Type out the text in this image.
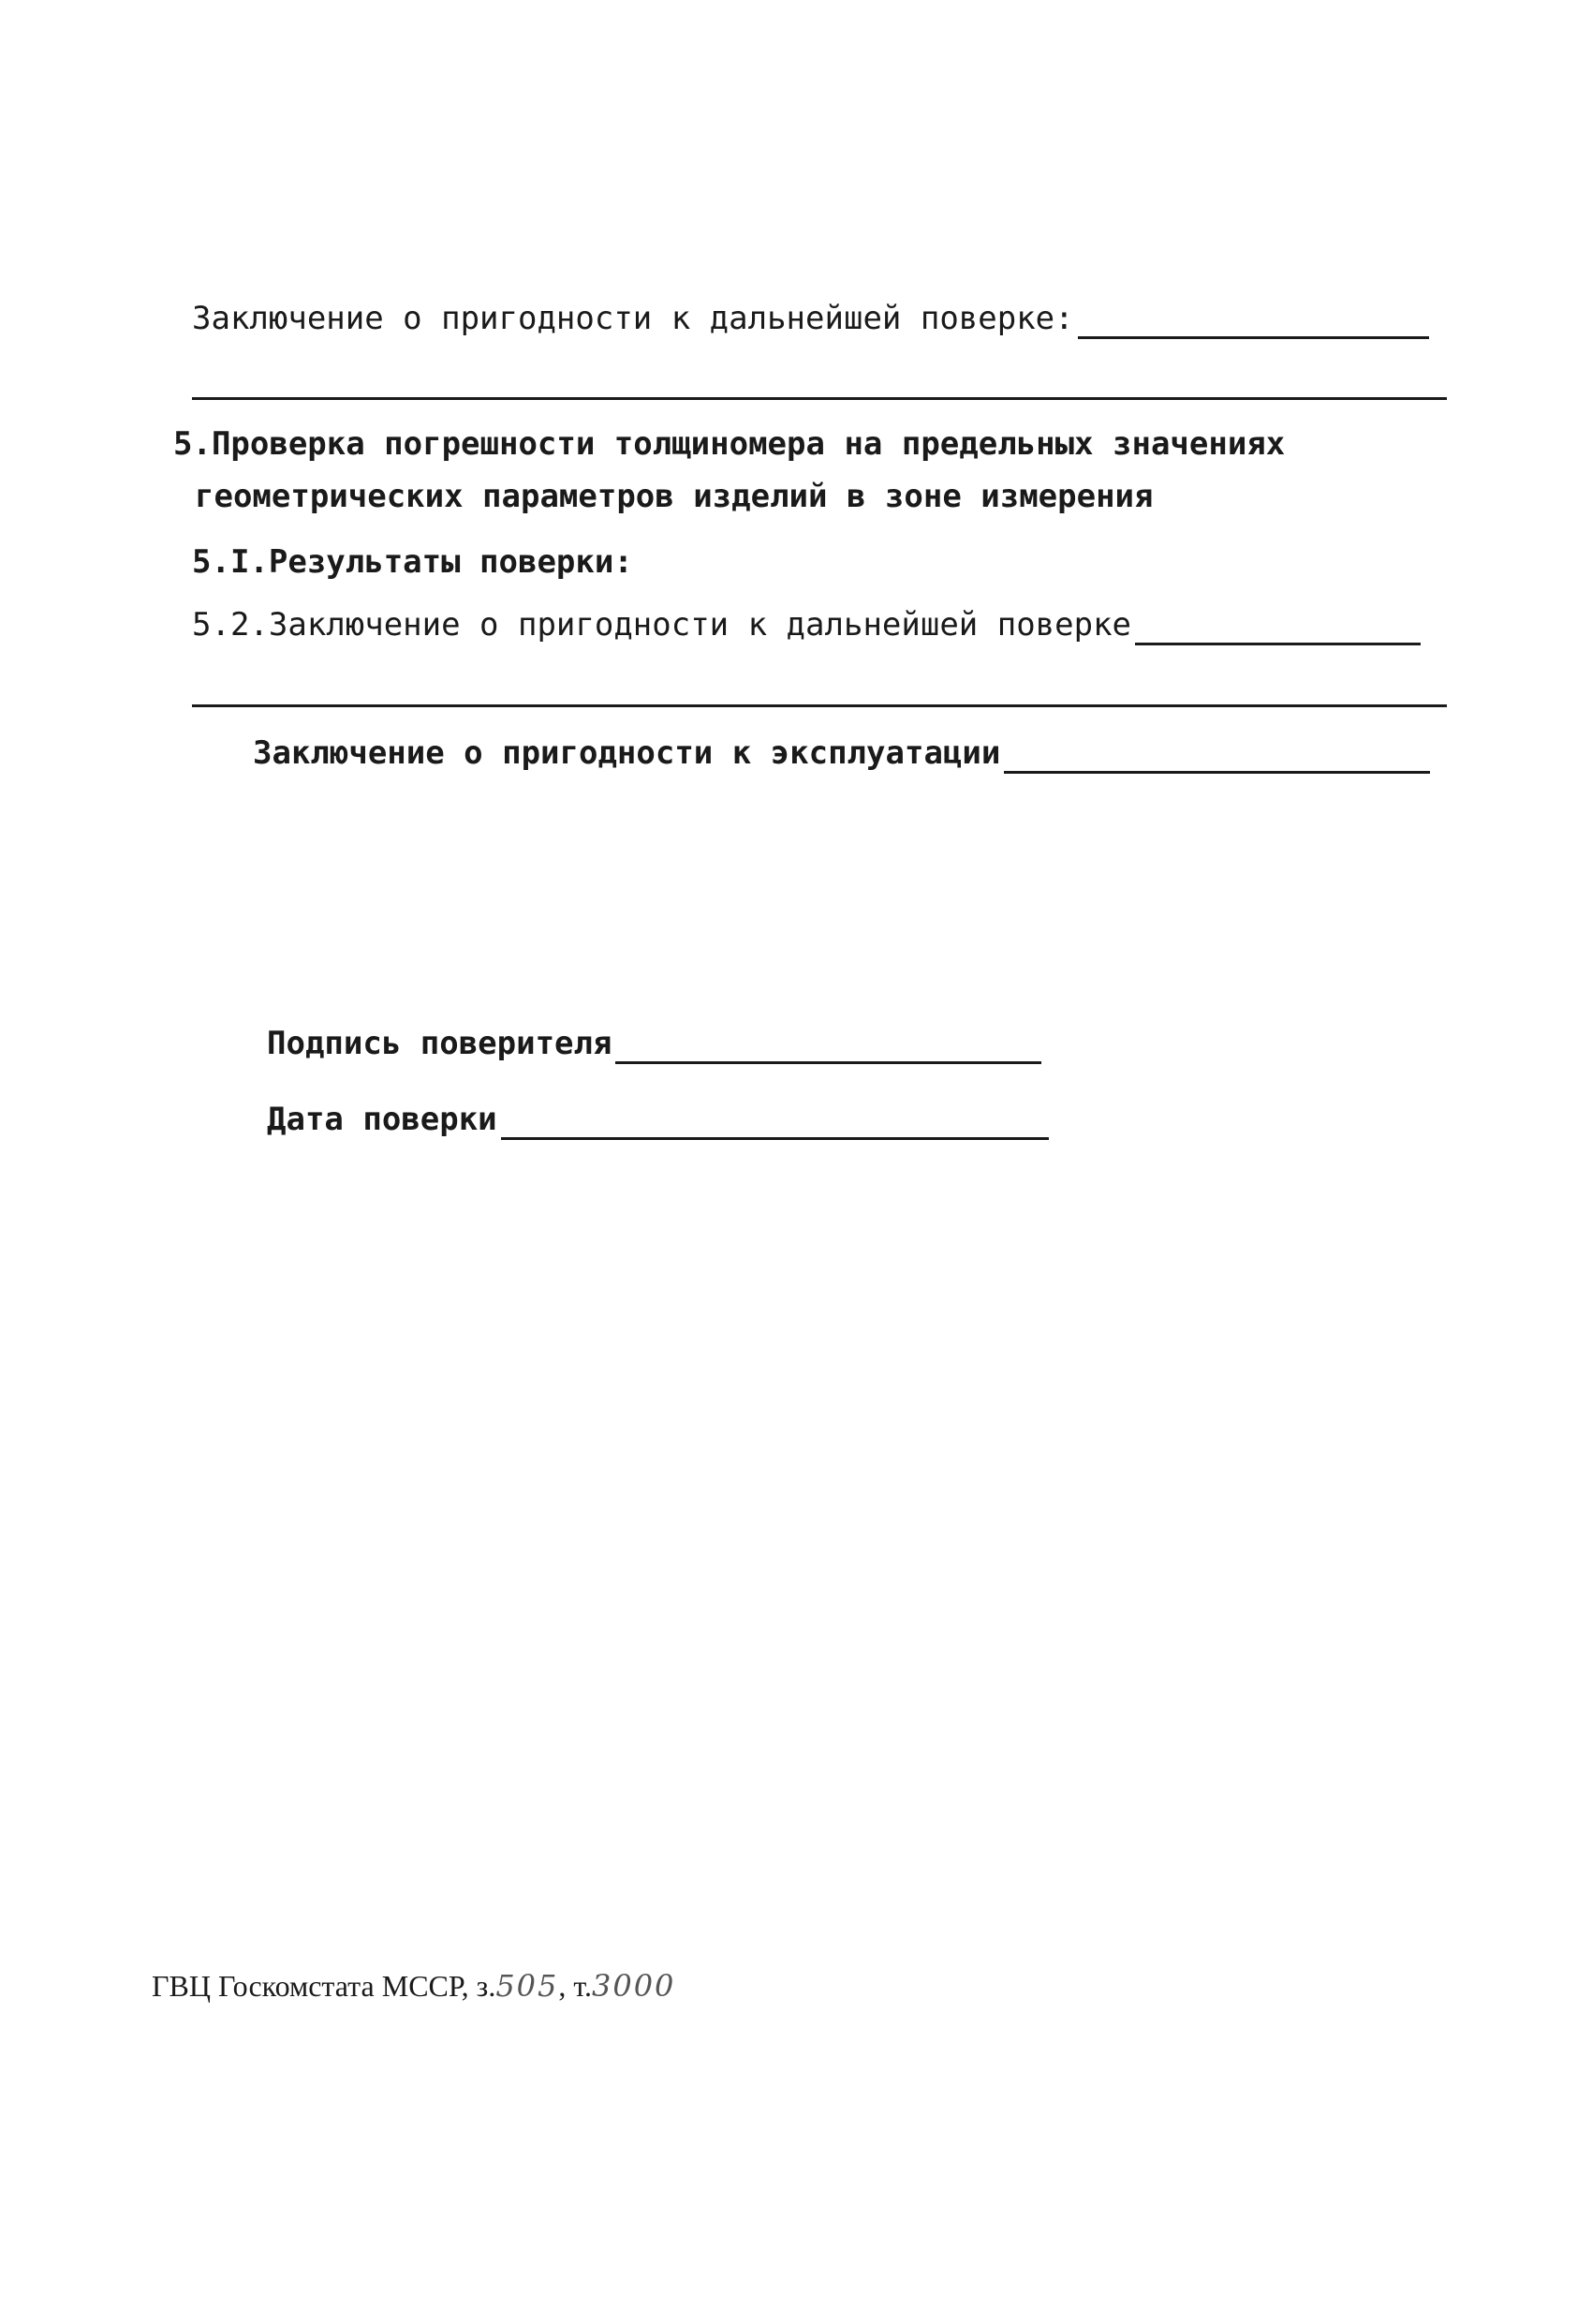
Заключение о пригодности к дальнейшей поверке:
5.Проверка погрешности толщиномера на предельных значениях
геометрических параметров изделий в зоне измерения
5.I.Результаты поверки:
5.2.Заключение о пригодности к дальнейшей поверке
Заключение о пригодности к эксплуатации
Подпись поверителя
Дата поверки
ГВЦ Госкомстата МССР, з.505, т.3000
